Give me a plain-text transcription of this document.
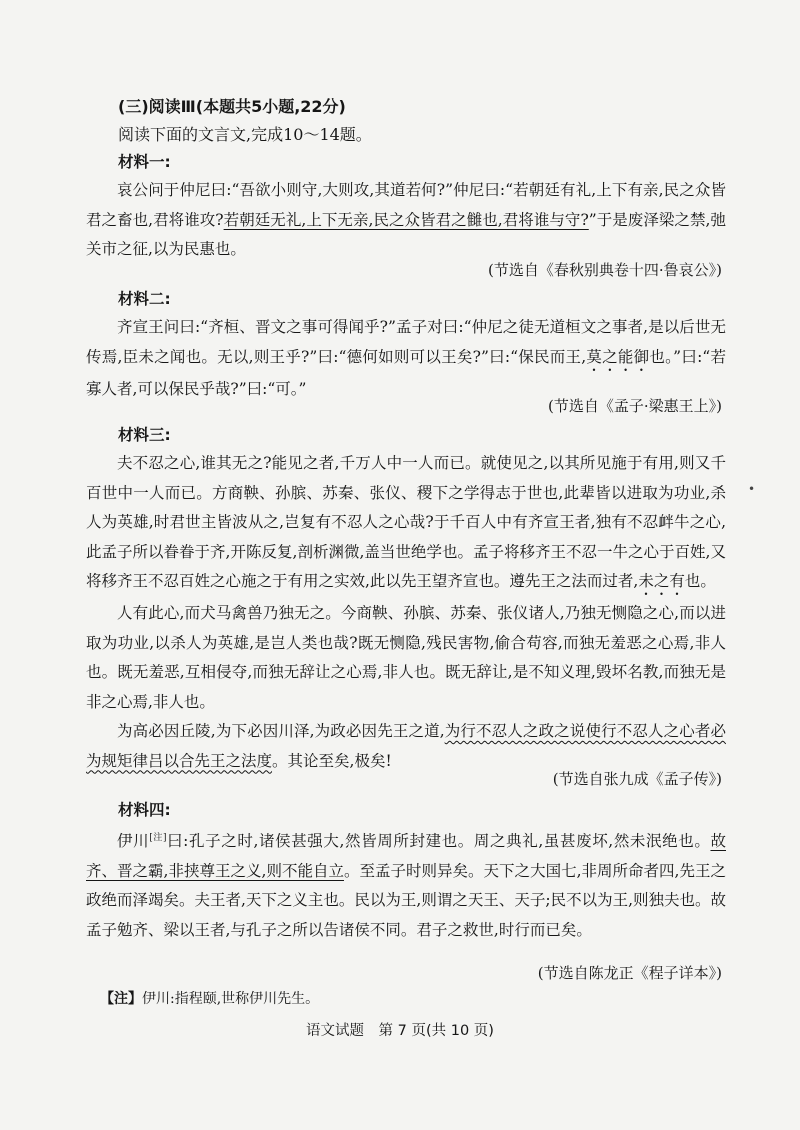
(三)阅读Ⅲ(本题共5小题,22分)
阅读下面的文言文,完成10～14题。
材料一:

哀公问于仲尼曰:“吾欲小则守,大则攻,其道若何?”仲尼曰:“若朝廷有礼,上下有亲,民之众皆君之畜也,君将谁攻?若朝廷无礼,上下无亲,民之众皆君之雠也,君将谁与守?”于是废泽梁之禁,弛关市之征,以为民惠也。

(节选自《春秋别典卷十四·鲁哀公》)
材料二:

齐宣王问曰:“齐桓、晋文之事可得闻乎?”孟子对曰:“仲尼之徒无道桓文之事者,是以后世无传焉,臣未之闻也。无以,则王乎?”曰:“德何如则可以王矣?”曰:“保民而王,莫之能御也。”曰:“若寡人者,可以保民乎哉?”曰:“可。”

(节选自《孟子·梁惠王上》)
材料三:

夫不忍之心,谁其无之?能见之者,千万人中一人而已。就使见之,以其所见施于有用,则又千百世中一人而已。方商鞅、孙膑、苏秦、张仪、稷下之学得志于世也,此辈皆以进取为功业,杀人为英雄,时君世主皆波从之,岂复有不忍人之心哉?于千百人中有齐宣王者,独有不忍衅牛之心,此孟子所以眷眷于齐,开陈反复,剖析渊微,盖当世绝学也。孟子将移齐王不忍一牛之心于百姓,又将移齐王不忍百姓之心施之于有用之实效,此以先王望齐宣也。遵先王之法而过者,未之有也。

人有此心,而犬马禽兽乃独无之。今商鞅、孙膑、苏秦、张仪诸人,乃独无恻隐之心,而以进取为功业,以杀人为英雄,是岂人类也哉?既无恻隐,残民害物,偷合苟容,而独无羞恶之心焉,非人也。既无羞恶,互相侵夺,而独无辞让之心焉,非人也。既无辞让,是不知义理,毁坏名教,而独无是非之心焉,非人也。

为高必因丘陵,为下必因川泽,为政必因先王之道,为行不忍人之政之说使行不忍人之心者必为规矩律吕以合先王之法度。其论至矣,极矣!

(节选自张九成《孟子传》)
材料四:

伊川[注]曰:孔子之时,诸侯甚强大,然皆周所封建也。周之典礼,虽甚废坏,然未泯绝也。故齐、晋之霸,非挟尊王之义,则不能自立。至孟子时则异矣。天下之大国七,非周所命者四,先王之政绝而泽竭矣。夫王者,天下之义主也。民以为王,则谓之天王、天子;民不以为王,则独夫也。故孟子勉齐、梁以王者,与孔子之所以告诸侯不同。君子之救世,时行而已矣。

(节选自陈龙正《程子详本》)
【注】伊川:指程颐,世称伊川先生。
语文试题　第 7 页(共 10 页)
•
